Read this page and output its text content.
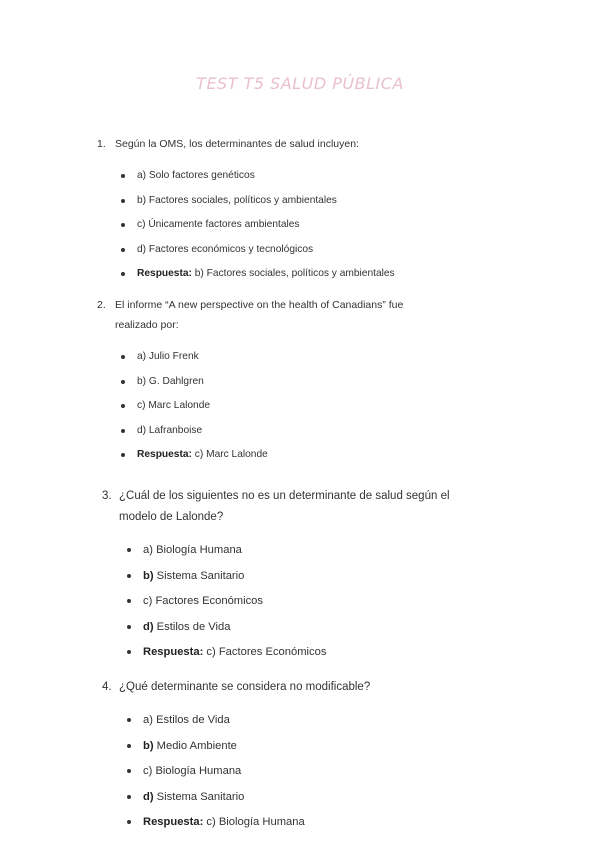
TEST T5 SALUD PÚBLICA
1. Según la OMS, los determinantes de salud incluyen:
a) Solo factores genéticos
b) Factores sociales, políticos y ambientales
c) Únicamente factores ambientales
d) Factores económicos y tecnológicos
Respuesta: b) Factores sociales, políticos y ambientales
2. El informe “A new perspective on the health of Canadians” fue realizado por:
a) Julio Frenk
b) G. Dahlgren
c) Marc Lalonde
d) Lafranboise
Respuesta: c) Marc Lalonde
3. ¿Cuál de los siguientes no es un determinante de salud según el modelo de Lalonde?
a) Biología Humana
b) Sistema Sanitario
c) Factores Económicos
d) Estilos de Vida
Respuesta: c) Factores Económicos
4. ¿Qué determinante se considera no modificable?
a) Estilos de Vida
b) Medio Ambiente
c) Biología Humana
d) Sistema Sanitario
Respuesta: c) Biología Humana
